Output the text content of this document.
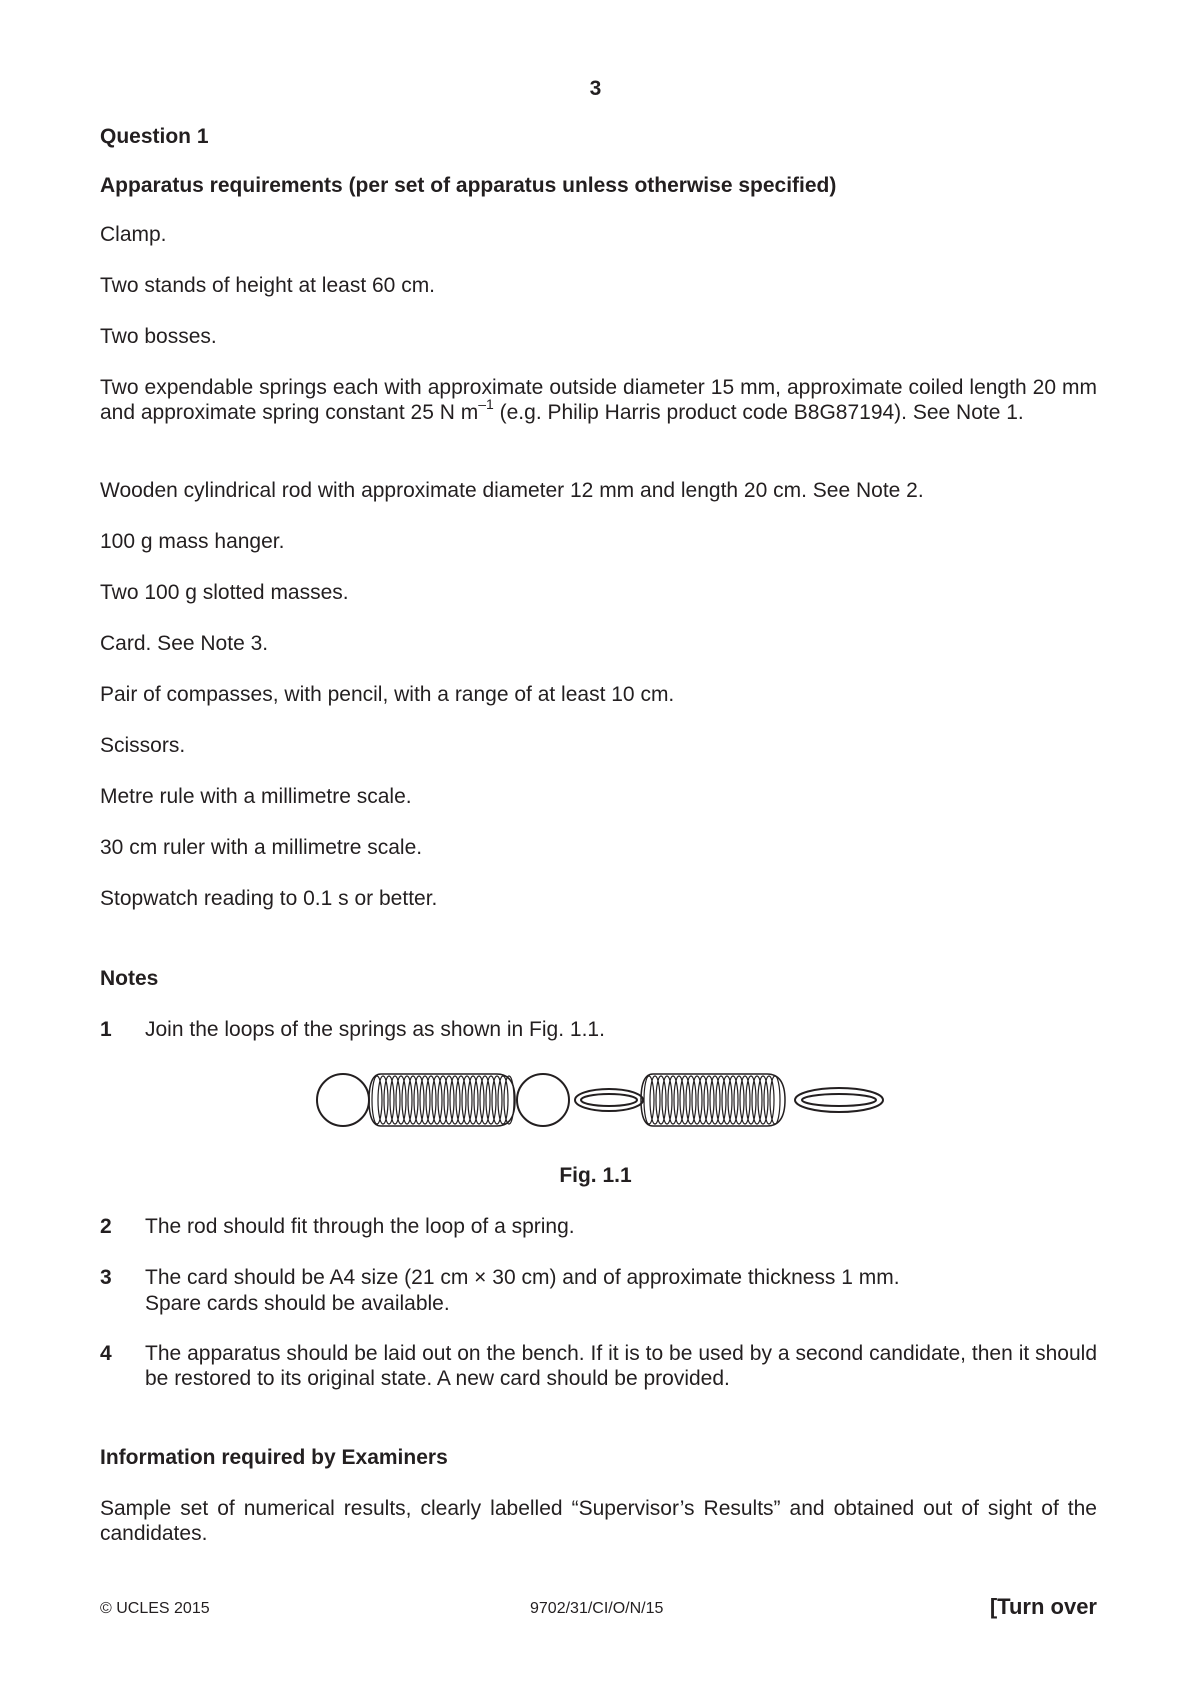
3
Question 1
Apparatus requirements (per set of apparatus unless otherwise specified)
Clamp.
Two stands of height at least 60 cm.
Two bosses.
Two expendable springs each with approximate outside diameter 15 mm, approximate coiled length 20 mm and approximate spring constant 25 N $m^{-1}$ (e.g. Philip Harris product code B8G87194). See Note 1.
Wooden cylindrical rod with approximate diameter 12 mm and length 20 cm. See Note 2.
100 g mass hanger.
Two 100 g slotted masses.
Card. See Note 3.
Pair of compasses, with pencil, with a range of at least 10 cm.
Scissors.
Metre rule with a millimetre scale.
30 cm ruler with a millimetre scale.
Stopwatch reading to 0.1 s or better.
Notes
1 Join the loops of the springs as shown in Fig. 1.1.
2 The rod should fit through the loop of a spring.
3 The card should be A4 size (21 cm × 30 cm) and of approximate thickness 1 mm.
Spare cards should be available.
4 The apparatus should be laid out on the bench. If it is to be used by a second candidate, then it should be restored to its original state. A new card should be provided.
Information required by Examiners
Sample set of numerical results, clearly labelled “Supervisor’s Results” and obtained out of sight of the candidates.
Fig. 1.1
© UCLES 2015	9702/31/CI/O/N/15	[Turn over
